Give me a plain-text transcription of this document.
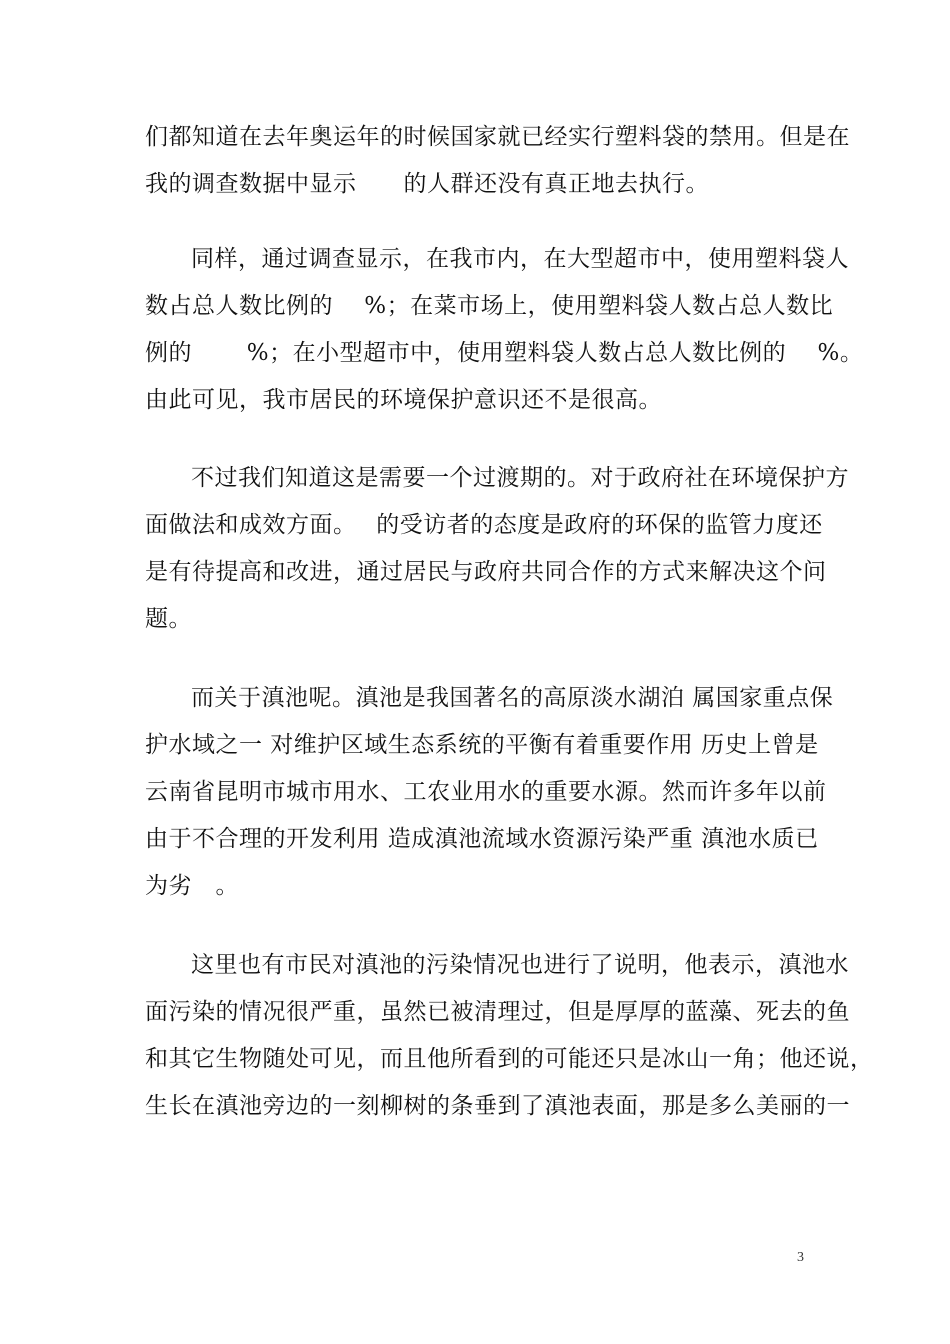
们都知道在去年奥运年的时候国家就已经实行塑料袋的禁用。但是在
我的调查数据中显示　　的人群还没有真正地去执行。
同样，通过调查显示，在我市内，在大型超市中，使用塑料袋人
数占总人数比例的　 %；在菜市场上，使用塑料袋人数占总人数比
例的　　 %；在小型超市中，使用塑料袋人数占总人数比例的　 %。
由此可见，我市居民的环境保护意识还不是很高。
不过我们知道这是需要一个过渡期的。对于政府社在环境保护方
面做法和成效方面。　 的受访者的态度是政府的环保的监管力度还
是有待提高和改进，通过居民与政府共同合作的方式来解决这个问
题。
而关于滇池呢。滇池是我国著名的高原淡水湖泊 属国家重点保
护水域之一 对维护区域生态系统的平衡有着重要作用 历史上曾是
云南省昆明市城市用水、工农业用水的重要水源。然而许多年以前
由于不合理的开发利用 造成滇池流域水资源污染严重 滇池水质已
为劣　。
这里也有市民对滇池的污染情况也进行了说明，他表示，滇池水
面污染的情况很严重，虽然已被清理过，但是厚厚的蓝藻、死去的鱼
和其它生物随处可见，而且他所看到的可能还只是冰山一角；他还说，
生长在滇池旁边的一刻柳树的条垂到了滇池表面，那是多么美丽的一
3
